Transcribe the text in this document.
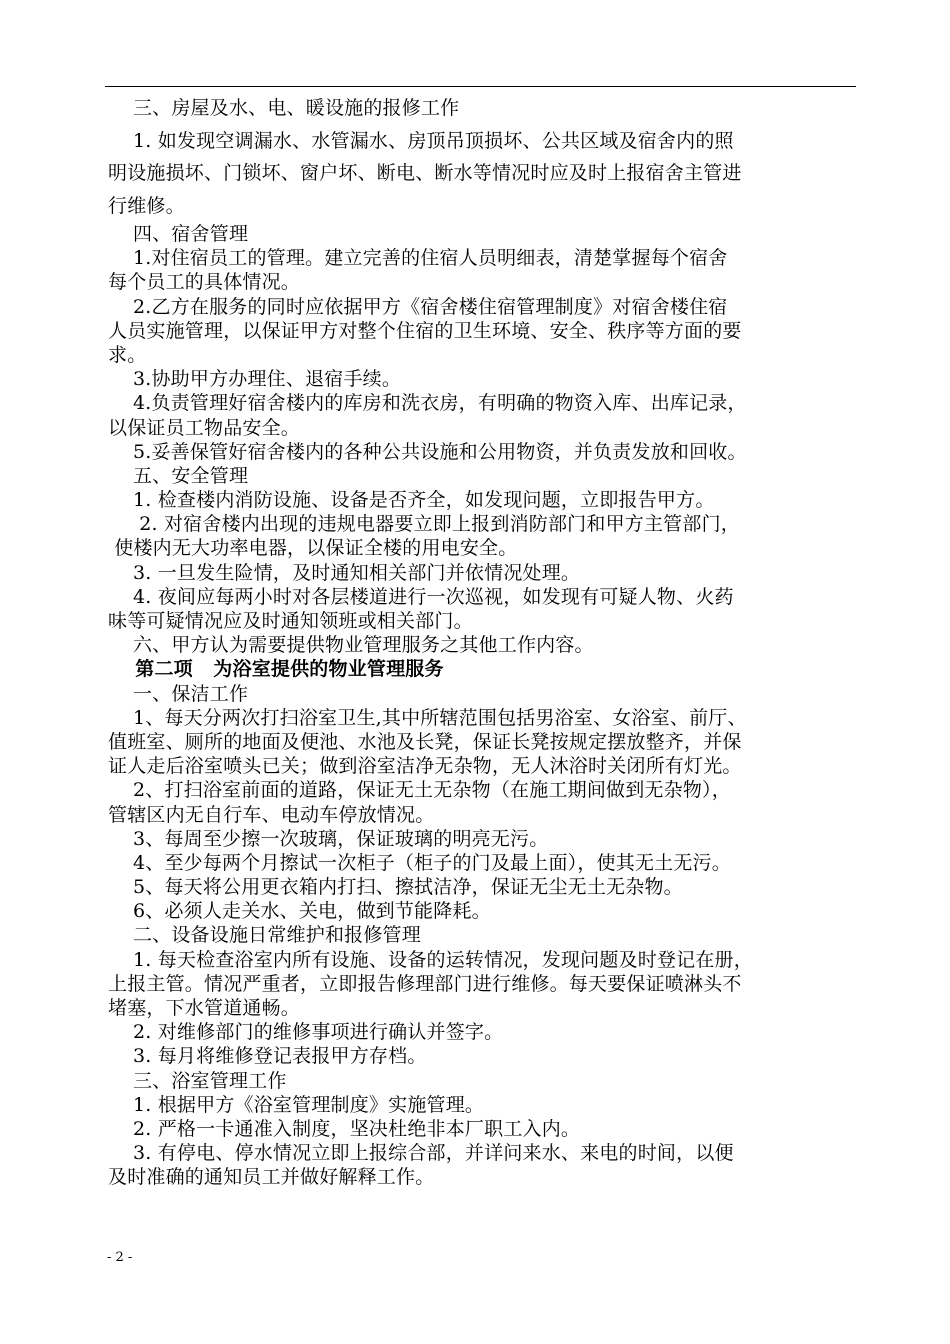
三、房屋及水、电、暖设施的报修工作
1. 如发现空调漏水、水管漏水、房顶吊顶损坏、公共区域及宿舍内的照
明设施损坏、门锁坏、窗户坏、断电、断水等情况时应及时上报宿舍主管进
行维修。
四、宿舍管理
1.对住宿员工的管理。建立完善的住宿人员明细表，清楚掌握每个宿舍
每个员工的具体情况。
2.乙方在服务的同时应依据甲方《宿舍楼住宿管理制度》对宿舍楼住宿
人员实施管理，以保证甲方对整个住宿的卫生环境、安全、秩序等方面的要
求。
3.协助甲方办理住、退宿手续。
4.负责管理好宿舍楼内的库房和洗衣房，有明确的物资入库、出库记录，
以保证员工物品安全。
5.妥善保管好宿舍楼内的各种公共设施和公用物资，并负责发放和回收。
五、安全管理
1. 检查楼内消防设施、设备是否齐全，如发现问题，立即报告甲方。
2. 对宿舍楼内出现的违规电器要立即上报到消防部门和甲方主管部门，
使楼内无大功率电器，以保证全楼的用电安全。
3. 一旦发生险情，及时通知相关部门并依情况处理。
4. 夜间应每两小时对各层楼道进行一次巡视，如发现有可疑人物、火药
味等可疑情况应及时通知领班或相关部门。
六、甲方认为需要提供物业管理服务之其他工作内容。
第二项   为浴室提供的物业管理服务
一、保洁工作
1、每天分两次打扫浴室卫生,其中所辖范围包括男浴室、女浴室、前厅、
值班室、厕所的地面及便池、水池及长凳，保证长凳按规定摆放整齐，并保
证人走后浴室喷头已关；做到浴室洁净无杂物，无人沐浴时关闭所有灯光。
2、打扫浴室前面的道路，保证无土无杂物（在施工期间做到无杂物），
管辖区内无自行车、电动车停放情况。
3、每周至少擦一次玻璃，保证玻璃的明亮无污。
4、至少每两个月擦试一次柜子（柜子的门及最上面），使其无土无污。
5、每天将公用更衣箱内打扫、擦拭洁净，保证无尘无土无杂物。
6、必须人走关水、关电，做到节能降耗。
二、设备设施日常维护和报修管理
1. 每天检查浴室内所有设施、设备的运转情况，发现问题及时登记在册，
上报主管。情况严重者，立即报告修理部门进行维修。每天要保证喷淋头不
堵塞，下水管道通畅。
2. 对维修部门的维修事项进行确认并签字。
3. 每月将维修登记表报甲方存档。
三、浴室管理工作
1. 根据甲方《浴室管理制度》实施管理。
2. 严格一卡通准入制度，坚决杜绝非本厂职工入内。
3. 有停电、停水情况立即上报综合部，并详问来水、来电的时间，以便
及时准确的通知员工并做好解释工作。
- 2 -
